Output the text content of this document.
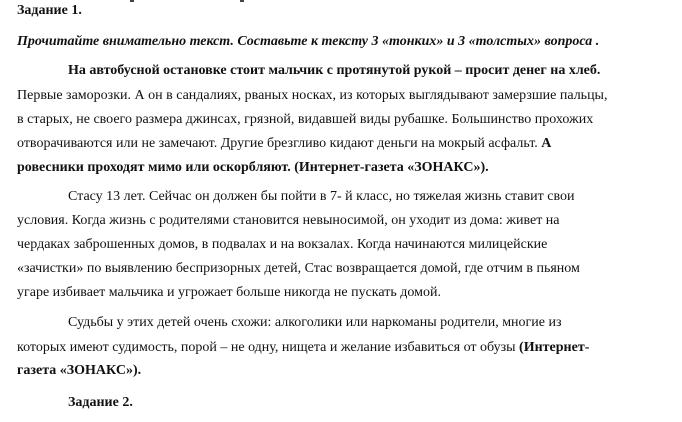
Задание 1.
Прочитайте внимательно текст. Составьте к тексту 3 «тонких» и 3 «толстых» вопроса .
На автобусной остановке стоит мальчик с протянутой рукой – просит денег на хлеб.
Первые заморозки. А он в сандалиях, рваных носках, из которых выглядывают замерзшие пальцы,
в старых, не своего размера джинсах, грязной, видавшей виды рубашке. Большинство прохожих
отворачиваются или не замечают. Другие брезгливо кидают деньги на мокрый асфальт. А
ровесники проходят мимо или оскорбляют. (Интернет-газета «ЗОНАКС»).
Стасу 13 лет. Сейчас он должен бы пойти в 7- й класс, но тяжелая жизнь ставит свои
условия. Когда жизнь с родителями становится невыносимой, он уходит из дома: живет на
чердаках заброшенных домов, в подвалах и на вокзалах. Когда начинаются милицейские
«зачистки» по выявлению беспризорных детей, Стас возвращается домой, где отчим в пьяном
угаре избивает мальчика и угрожает больше никогда не пускать домой.
Судьбы у этих детей очень схожи: алкоголики или наркоманы родители, многие из
которых имеют судимость, порой – не одну, нищета и желание избавиться от обузы (Интернет-
газета «ЗОНАКС»).
Задание 2.
